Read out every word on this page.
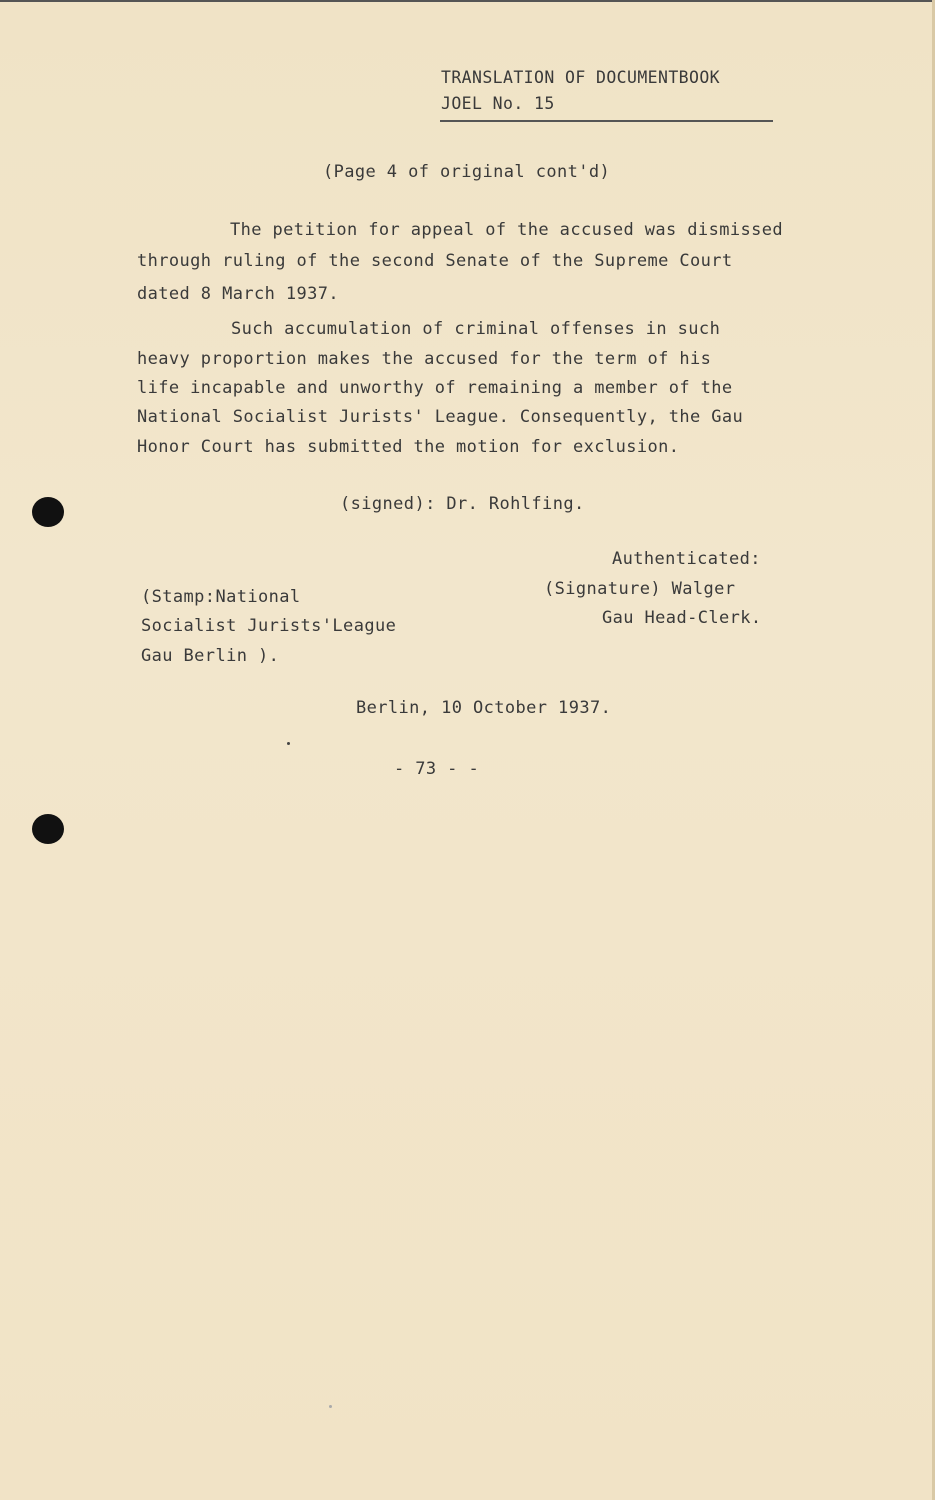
TRANSLATION OF DOCUMENTBOOK
JOEL No. 15
(Page 4 of original cont'd)
The petition for appeal of the accused was dismissed
through ruling of the second Senate of the Supreme Court
dated 8 March 1937.
Such accumulation of criminal offenses in such
heavy proportion makes the accused for the term of his
life incapable and unworthy of remaining a member of the
National Socialist Jurists' League. Consequently, the Gau
Honor Court has submitted the motion for exclusion.
(signed): Dr. Rohlfing.
Authenticated:
(Signature) Walger
Gau Head-Clerk.
(Stamp:National
Socialist Jurists'League
Gau Berlin ).
Berlin, 10 October 1937.
- 73 - -
